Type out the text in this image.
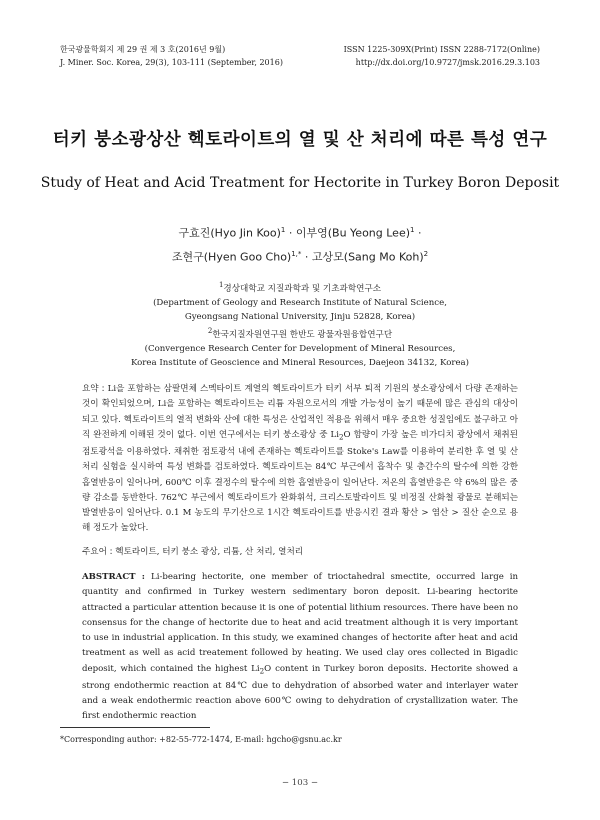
한국광물학회지 제 29 권 제 3 호(2016년 9월)
J. Miner. Soc. Korea, 29(3), 103-111 (September, 2016)
ISSN 1225-309X(Print) ISSN 2288-7172(Online)
http://dx.doi.org/10.9727/jmsk.2016.29.3.103
터키 붕소광상산 헥토라이트의 열 및 산 처리에 따른 특성 연구
Study of Heat and Acid Treatment for Hectorite in Turkey Boron Deposit
구효진(Hyo Jin Koo)$^1$ · 이부영(Bu Yeong Lee)$^1$ ·
조현구(Hyen Goo Cho)$^{1,*}$ · 고상모(Sang Mo Koh)$^2$
$^1$경상대학교 지질과학과 및 기초과학연구소
(Department of Geology and Research Institute of Natural Science,
Gyeongsang National University, Jinju 52828, Korea)
$^2$한국지질자원연구원 한반도 광물자원융합연구단
(Convergence Research Center for Development of Mineral Resources,
Korea Institute of Geoscience and Mineral Resources, Daejeon 34132, Korea)
요약 : Li을 포함하는 삼팔면체 스멕타이트 계열의 헥토라이트가 터키 서부 퇴적 기원의 붕소광상에서 다량 존재하는 것이 확인되었으며, Li을 포함하는 헥토라이트는 리튬 자원으로서의 개발 가능성이 높기 때문에 많은 관심의 대상이 되고 있다. 헥토라이트의 열적 변화와 산에 대한 특성은 산업적인 적용을 위해서 매우 중요한 성질임에도 불구하고 아직 완전하게 이해된 것이 없다. 이번 연구에서는 터키 붕소광상 중 $Li_2O$ 함량이 가장 높은 비가디치 광상에서 채취된 점토광석을 이용하였다. 채취한 점토광석 내에 존재하는 헥토라이트를 Stoke's Law를 이용하여 분리한 후 열 및 산 처리 실험을 실시하여 특성 변화를 검토하였다. 헥토라이트는 84℃ 부근에서 흡착수 및 층간수의 탈수에 의한 강한 흡열반응이 일어나며, 600℃ 이후 결정수의 탈수에 의한 흡열반응이 일어난다. 저온의 흡열반응은 약 6%의 많은 중량 감소를 동반한다. 762℃ 부근에서 헥토라이트가 완화휘석, 크리스토발라이트 및 비정질 산화철 광물로 분해되는 발열반응이 일어난다. 0.1 M 농도의 무기산으로 1시간 헥토라이트를 반응시킨 결과 황산 > 염산 > 질산 순으로 용해 정도가 높았다.
주요어 : 헥토라이트, 터키 붕소 광상, 리튬, 산 처리, 열처리
ABSTRACT : Li-bearing hectorite, one member of trioctahedral smectite, occurred large in quantity and confirmed in Turkey western sedimentary boron deposit. Li-bearing hectorite attracted a particular attention because it is one of potential lithium resources. There have been no consensus for the change of hectorite due to heat and acid treatment although it is very important to use in industrial application. In this study, we examined changes of hectorite after heat and acid treatment as well as acid treatement followed by heating. We used clay ores collected in Bigadic deposit, which contained the highest $Li_2O$ content in Turkey boron deposits. Hectorite showed a strong endothermic reaction at 84℃ due to dehydration of absorbed water and interlayer water and a weak endothermic reaction above 600℃ owing to dehydration of crystallization water. The first endothermic reaction
*Corresponding author: +82-55-772-1474, E-mail: hgcho@gsnu.ac.kr
− 103 −
